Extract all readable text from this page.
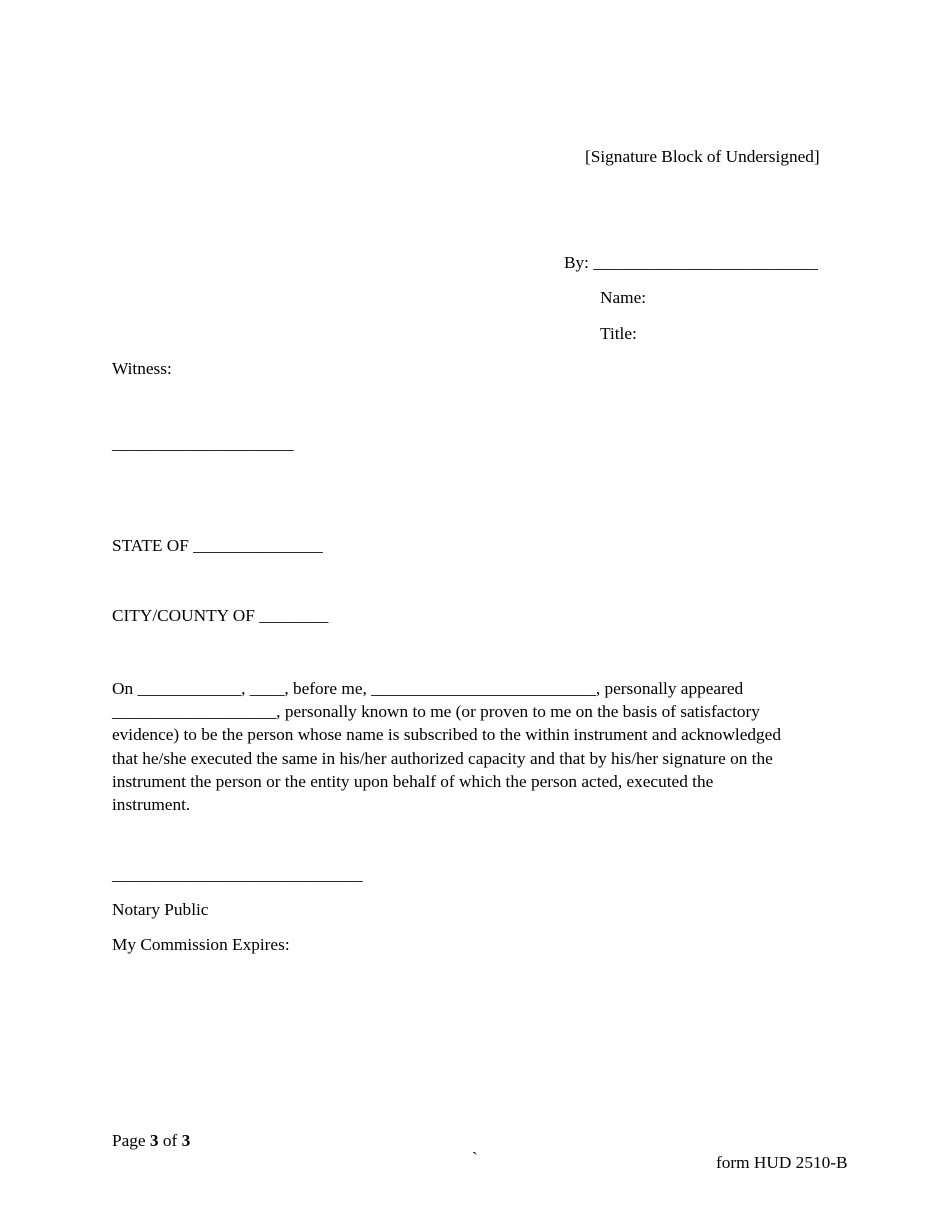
[Signature Block of Undersigned]
By: __________________________
Name:
Title:
Witness:
_____________________
STATE OF _______________
CITY/COUNTY OF ________
On ____________, ____, before me, __________________________, personally appeared
___________________, personally known to me (or proven to me on the basis of satisfactory
evidence) to be the person whose name is subscribed to the within instrument and acknowledged
that he/she executed the same in his/her authorized capacity and that by his/her signature on the
instrument the person or the entity upon behalf of which the person acted, executed the
instrument.
_____________________________
Notary Public
My Commission Expires:
Page 3 of 3
`	form HUD 2510-B
